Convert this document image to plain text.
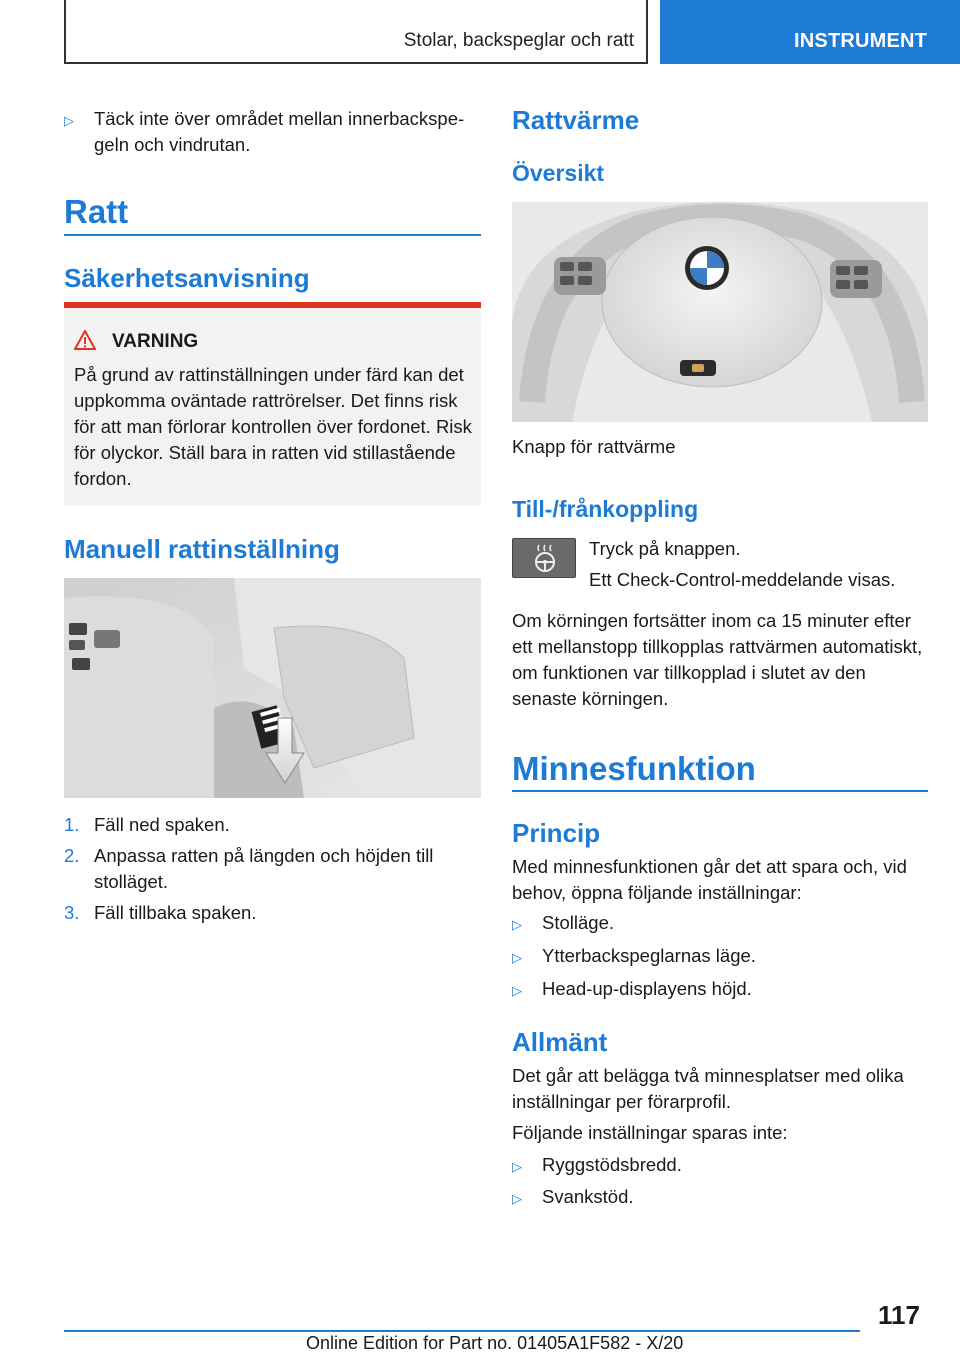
Stolar, backspeglar och ratt	INSTRUMENT
▷ Täck inte över området mellan innerbackspegeln och vindrutan.
Ratt
Säkerhetsanvisning
VARNING
På grund av rattinställningen under färd kan det uppkomma oväntade rattrörelser. Det finns risk för att man förlorar kontrollen över fordonet. Risk för olyckor. Ställ bara in ratten vid stillastående fordon.
Manuell rattinställning
1. Fäll ned spaken.
2. Anpassa ratten på längden och höjden till stolläget.
3. Fäll tillbaka spaken.
Rattvärme
Översikt
Knapp för rattvärme
Till-/frånkoppling
Tryck på knappen.
Ett Check-Control-meddelande visas.
Om körningen fortsätter inom ca 15 minuter efter ett mellanstopp tillkopplas rattvärmen automatiskt, om funktionen var tillkopplad i slutet av den senaste körningen.
Minnesfunktion
Princip
Med minnesfunktionen går det att spara och, vid behov, öppna följande inställningar:
▷ Stolläge.
▷ Ytterbackspeglarnas läge.
▷ Head-up-displayens höjd.
Allmänt
Det går att belägga två minnesplatser med olika inställningar per förarprofil.
Följande inställningar sparas inte:
▷ Ryggstödsbredd.
▷ Svankstöd.
117
Online Edition for Part no. 01405A1F582 - X/20
